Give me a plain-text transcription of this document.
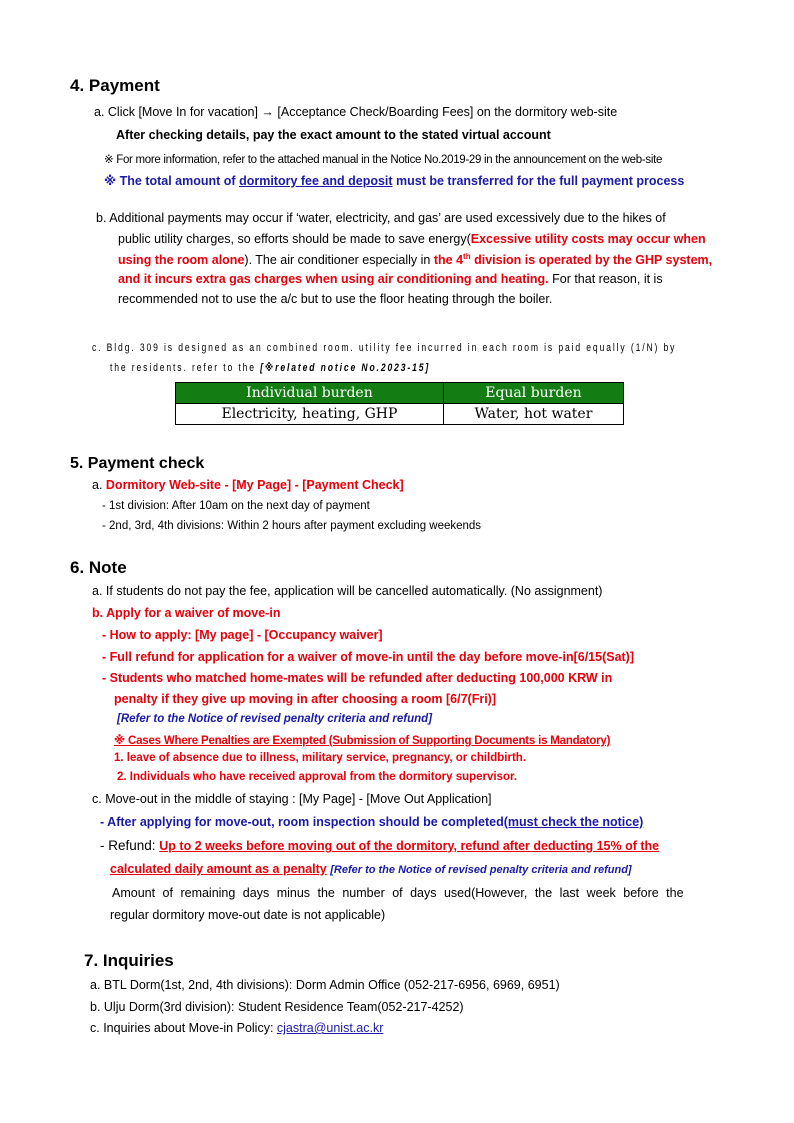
4. Payment
a. Click [Move In for vacation] → [Acceptance Check/Boarding Fees] on the dormitory web-site
After checking details, pay the exact amount to the stated virtual account
※ For more information, refer to the attached manual in the Notice No.2019-29 in the announcement on the web-site
※ The total amount of dormitory fee and deposit must be transferred for the full payment process
b. Additional payments may occur if ‘water, electricity, and gas’ are used excessively due to the hikes of
public utility charges, so efforts should be made to save energy(Excessive utility costs may occur when
using the room alone). The air conditioner especially in the 4th division is operated by the GHP system,
and it incurs extra gas charges when using air conditioning and heating. For that reason, it is
recommended not to use the a/c but to use the floor heating through the boiler.
c. Bldg. 309 is designed as an combined room. utility fee incurred in each room is paid equally (1/N) by
the residents. refer to the [※related notice No.2023-15]
Individual burden	Equal burden
Electricity, heating, GHP	Water, hot water
5. Payment check
a. Dormitory Web-site - [My Page] - [Payment Check]
- 1st division: After 10am on the next day of payment
- 2nd, 3rd, 4th divisions: Within 2 hours after payment excluding weekends
6. Note
a. If students do not pay the fee, application will be cancelled automatically. (No assignment)
b. Apply for a waiver of move-in
- How to apply: [My page] - [Occupancy waiver]
- Full refund for application for a waiver of move-in until the day before move-in[6/15(Sat)]
- Students who matched home-mates will be refunded after deducting 100,000 KRW in
penalty if they give up moving in after choosing a room [6/7(Fri)]
[Refer to the Notice of revised penalty criteria and refund]
※ Cases Where Penalties are Exempted (Submission of Supporting Documents is Mandatory)
1. leave of absence due to illness, military service, pregnancy, or childbirth.
2. Individuals who have received approval from the dormitory supervisor.
c. Move-out in the middle of staying : [My Page] - [Move Out Application]
- After applying for move-out, room inspection should be completed(must check the notice)
- Refund: Up to 2 weeks before moving out of the dormitory, refund after deducting 15% of the
calculated daily amount as a penalty [Refer to the Notice of revised penalty criteria and refund]
Amount of remaining days minus the number of days used(However, the last week before the
regular dormitory move-out date is not applicable)
7. Inquiries
a. BTL Dorm(1st, 2nd, 4th divisions): Dorm Admin Office (052-217-6956, 6969, 6951)
b. Ulju Dorm(3rd division): Student Residence Team(052-217-4252)
c. Inquiries about Move-in Policy: cjastra@unist.ac.kr
